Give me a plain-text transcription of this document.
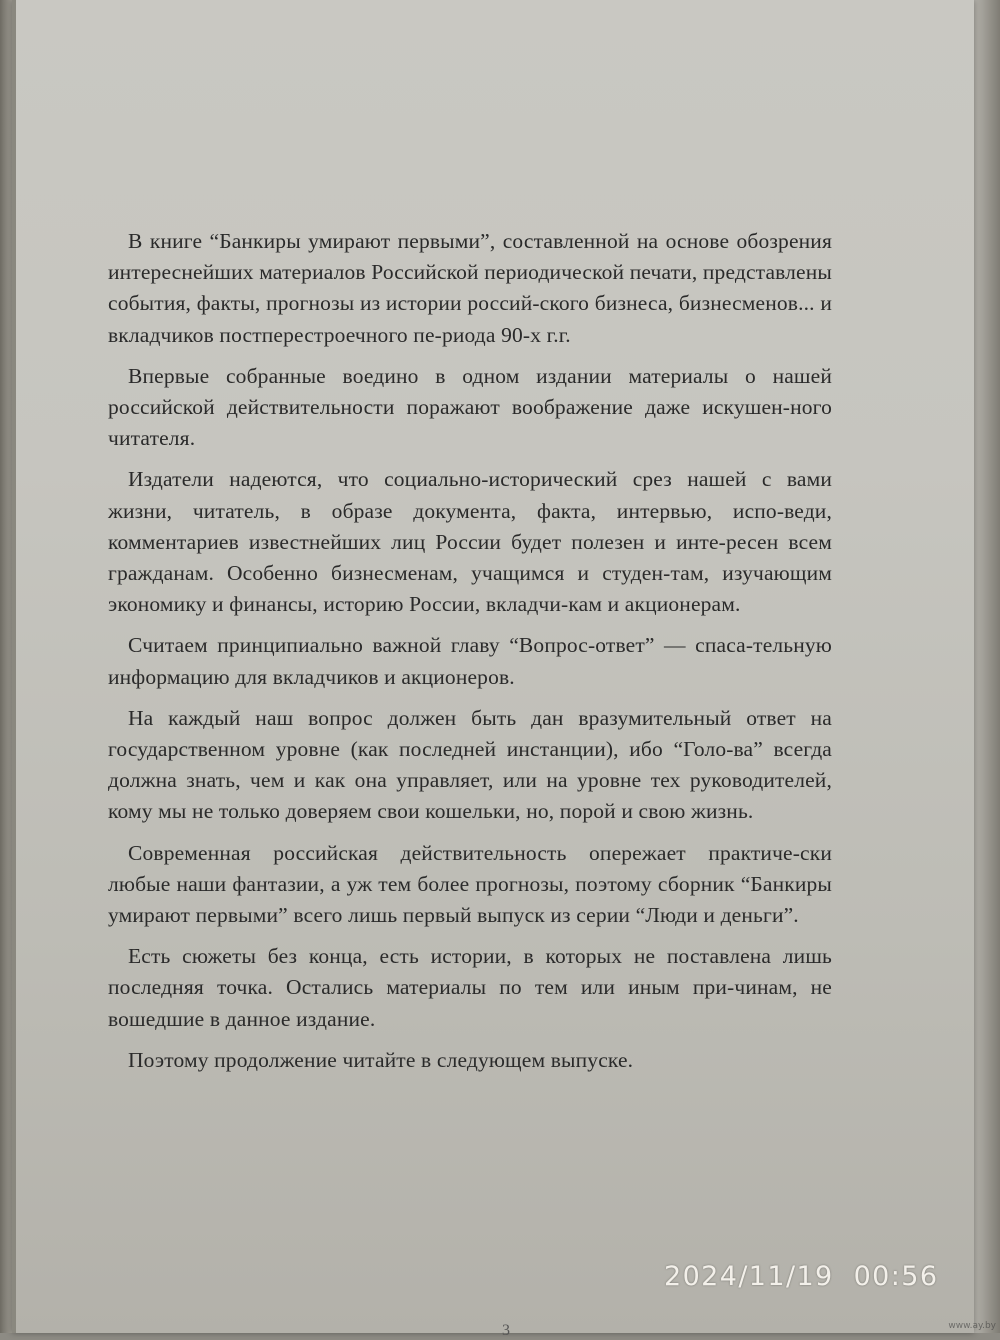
В книге “Банкиры умирают первыми”, составленной на основе обозрения интереснейших материалов Российской периодической печати, представлены события, факты, прогнозы из истории россий-ского бизнеса, бизнесменов... и вкладчиков постперестроечного пе-риода 90-х г.г.

Впервые собранные воедино в одном издании материалы о нашей российской действительности поражают воображение даже искушен-ного читателя.

Издатели надеются, что социально-исторический срез нашей с вами жизни, читатель, в образе документа, факта, интервью, испо-веди, комментариев известнейших лиц России будет полезен и инте-ресен всем гражданам. Особенно бизнесменам, учащимся и студен-там, изучающим экономику и финансы, историю России, вкладчи-кам и акционерам.

Считаем принципиально важной главу “Вопрос-ответ” — спаса-тельную информацию для вкладчиков и акционеров.

На каждый наш вопрос должен быть дан вразумительный ответ на государственном уровне (как последней инстанции), ибо “Голо-ва” всегда должна знать, чем и как она управляет, или на уровне тех руководителей, кому мы не только доверяем свои кошельки, но, порой и свою жизнь.

Современная российская действительность опережает практиче-ски любые наши фантазии, а уж тем более прогнозы, поэтому сборник “Банкиры умирают первыми” всего лишь первый выпуск из серии “Люди и деньги”.

Есть сюжеты без конца, есть истории, в которых не поставлена лишь последняя точка. Остались материалы по тем или иным при-чинам, не вошедшие в данное издание.

Поэтому продолжение читайте в следующем выпуске.

2024/11/19  00:56
3	www.ay.by
